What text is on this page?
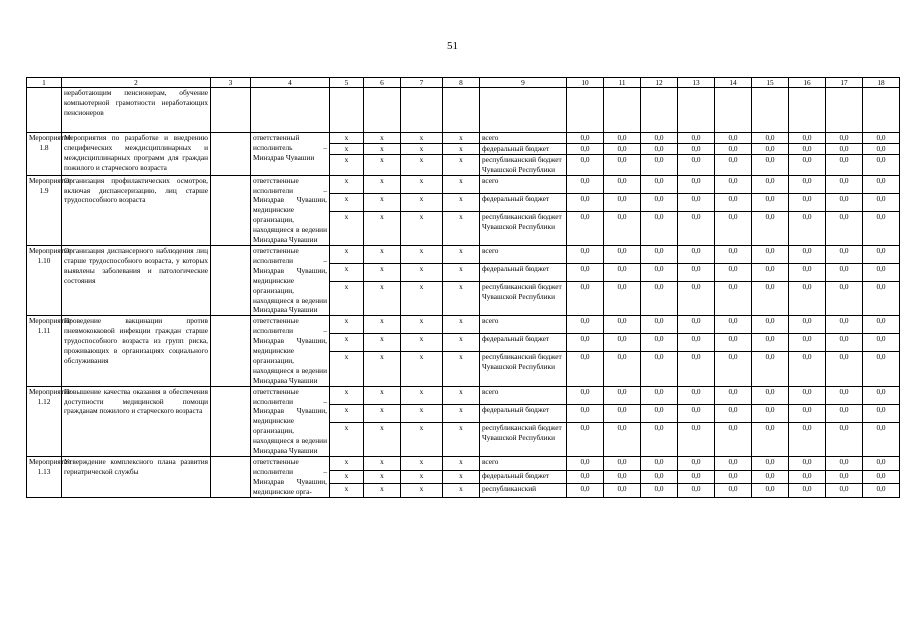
51
1	2	3	4	5	6	7	8	9	10	11	12	13	14	15	16	17	18
	неработающим пенсионерам, обучение компьютерной грамотности неработающих пенсионеров																
Мероприятие 1.8	Мероприятия по разработке и внедрению специфических междисциплинарных и междисциплинарных программ для граждан пожилого и старческого возраста		ответственный исполнитель – Минздрав Чувашии	x	x	x	x	всего	0,0	0,0	0,0	0,0	0,0	0,0	0,0	0,0	0,0
				x	x	x	x	федеральный бюджет	0,0	0,0	0,0	0,0	0,0	0,0	0,0	0,0	0,0
				x	x	x	x	республиканский бюджет Чувашской Республики	0,0	0,0	0,0	0,0	0,0	0,0	0,0	0,0	0,0
Мероприятие 1.9	Организация профилактических осмотров, включая диспансеризацию, лиц старше трудоспособного возраста		ответственные исполнители – Минздрав Чувашии, медицинские организации, находящиеся в ведении Минздрава Чувашии	x	x	x	x	всего	0,0	0,0	0,0	0,0	0,0	0,0	0,0	0,0	0,0
				x	x	x	x	федеральный бюджет	0,0	0,0	0,0	0,0	0,0	0,0	0,0	0,0	0,0
				x	x	x	x	республиканский бюджет Чувашской Республики	0,0	0,0	0,0	0,0	0,0	0,0	0,0	0,0	0,0
Мероприятие 1.10	Организация диспансерного наблюдения лиц старше трудоспособного возраста, у которых выявлены заболевания и патологические состояния		ответственные исполнители – Минздрав Чувашии, медицинские организации, находящиеся в ведении Минздрава Чувашии	x	x	x	x	всего	0,0	0,0	0,0	0,0	0,0	0,0	0,0	0,0	0,0
				x	x	x	x	федеральный бюджет	0,0	0,0	0,0	0,0	0,0	0,0	0,0	0,0	0,0
				x	x	x	x	республиканский бюджет Чувашской Республики	0,0	0,0	0,0	0,0	0,0	0,0	0,0	0,0	0,0
Мероприятие 1.11	Проведение вакцинации против пневмококковой инфекции граждан старше трудоспособного возраста из групп риска, проживающих в организациях социального обслуживания		ответственные исполнители – Минздрав Чувашии, медицинские организации, находящиеся в ведении Минздрава Чувашии	x	x	x	x	всего	0,0	0,0	0,0	0,0	0,0	0,0	0,0	0,0	0,0
				x	x	x	x	федеральный бюджет	0,0	0,0	0,0	0,0	0,0	0,0	0,0	0,0	0,0
				x	x	x	x	республиканский бюджет Чувашской Республики	0,0	0,0	0,0	0,0	0,0	0,0	0,0	0,0	0,0
Мероприятие 1.12	Повышение качества оказания в обеспечения доступности медицинской помощи гражданам пожилого и старческого возраста		ответственные исполнители – Минздрав Чувашии, медицинские организации, находящиеся в ведении Минздрава Чувашии	x	x	x	x	всего	0,0	0,0	0,0	0,0	0,0	0,0	0,0	0,0	0,0
				x	x	x	x	федеральный бюджет	0,0	0,0	0,0	0,0	0,0	0,0	0,0	0,0	0,0
				x	x	x	x	республиканский бюджет Чувашской Республики	0,0	0,0	0,0	0,0	0,0	0,0	0,0	0,0	0,0
Мероприятие 1.13	Утверждение комплексного плана развития гериатрической службы		ответственные исполнители – Минздрав Чувашии, медицинские орга-	x	x	x	x	всего	0,0	0,0	0,0	0,0	0,0	0,0	0,0	0,0	0,0
				x	x	x	x	федеральный бюджет	0,0	0,0	0,0	0,0	0,0	0,0	0,0	0,0	0,0
				x	x	x	x	республиканский	0,0	0,0	0,0	0,0	0,0	0,0	0,0	0,0	0,0
